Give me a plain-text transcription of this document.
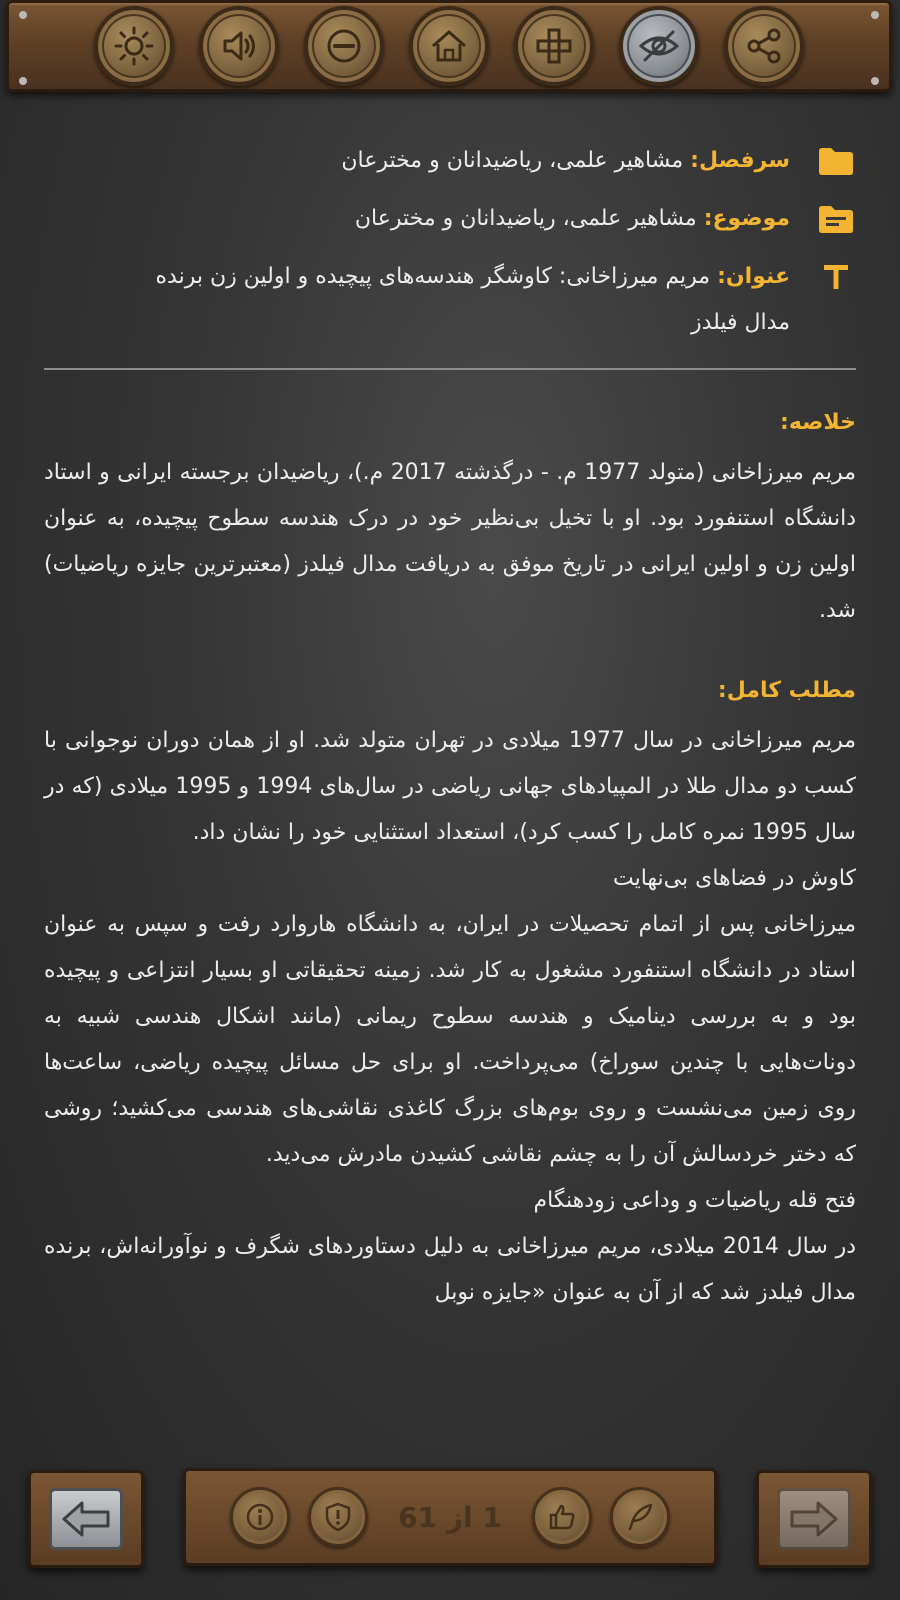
سرفصل: مشاهیر علمی، ریاضیدانان و مخترعان
موضوع: مشاهیر علمی، ریاضیدانان و مخترعان
عنوان: مریم میرزاخانی: کاوشگر هندسه‌های پیچیده و اولین زن برنده مدال فیلدز
خلاصه:
مریم میرزاخانی (متولد 1977 م. - درگذشته 2017 م.)، ریاضیدان برجسته ایرانی و استاد دانشگاه استنفورد بود. او با تخیل بی‌نظیر خود در درک هندسه سطوح پیچیده، به عنوان اولین زن و اولین ایرانی در تاریخ موفق به دریافت مدال فیلدز (معتبرترین جایزه ریاضیات) شد.
مطلب کامل:
مریم میرزاخانی در سال 1977 میلادی در تهران متولد شد. او از همان دوران نوجوانی با کسب دو مدال طلا در المپیادهای جهانی ریاضی در سال‌های 1994 و 1995 میلادی (که در سال 1995 نمره کامل را کسب کرد)، استعداد استثنایی خود را نشان داد.
کاوش در فضاهای بی‌نهایت
میرزاخانی پس از اتمام تحصیلات در ایران، به دانشگاه هاروارد رفت و سپس به عنوان استاد در دانشگاه استنفورد مشغول به کار شد. زمینه تحقیقاتی او بسیار انتزاعی و پیچیده بود و به بررسی دینامیک و هندسه سطوح ریمانی (مانند اشکال هندسی شبیه به دونات‌هایی با چندین سوراخ) می‌پرداخت. او برای حل مسائل پیچیده ریاضی، ساعت‌ها روی زمین می‌نشست و روی بوم‌های بزرگ کاغذی نقاشی‌های هندسی می‌کشید؛ روشی که دختر خردسالش آن را به چشم نقاشی کشیدن مادرش می‌دید.
فتح قله ریاضیات و وداعی زودهنگام
در سال 2014 میلادی، مریم میرزاخانی به دلیل دستاوردهای شگرف و نوآورانه‌اش، برنده مدال فیلدز شد که از آن به عنوان «جایزه نوبل
1 از 61
